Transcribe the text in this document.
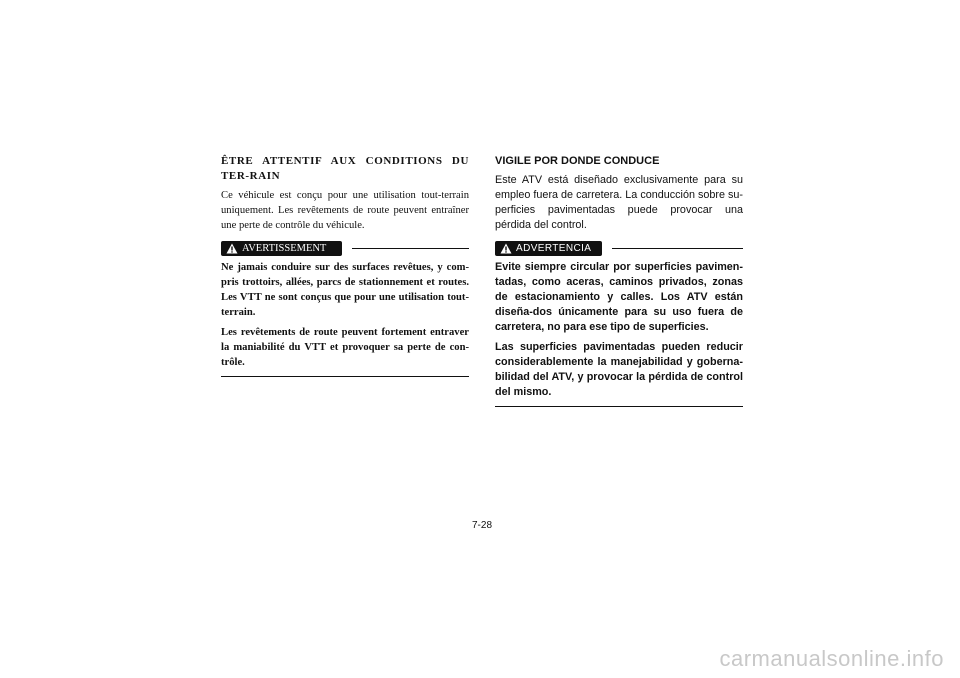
ÊTRE ATTENTIF AUX CONDITIONS DU TER-RAIN

Ce véhicule est conçu pour une utilisation tout-terrain uniquement. Les revêtements de route peuvent entraîner une perte de contrôle du véhicule.

AVERTISSEMENT

Ne jamais conduire sur des surfaces revêtues, y com-pris trottoirs, allées, parcs de stationnement et routes. Les VTT ne sont conçus que pour une utilisation tout-terrain.

Les revêtements de route peuvent fortement entraver la maniabilité du VTT et provoquer sa perte de con-trôle.

VIGILE POR DONDE CONDUCE

Este ATV está diseñado exclusivamente para su empleo fuera de carretera. La conducción sobre su-perficies pavimentadas puede provocar una pérdida del control.

ADVERTENCIA

Evite siempre circular por superficies pavimen-tadas, como aceras, caminos privados, zonas de estacionamiento y calles. Los ATV están diseña-dos únicamente para su uso fuera de carretera, no para ese tipo de superficies.

Las superficies pavimentadas pueden reducir considerablemente la manejabilidad y goberna-bilidad del ATV, y provocar la pérdida de control del mismo.

7-28
carmanualsonline.info
